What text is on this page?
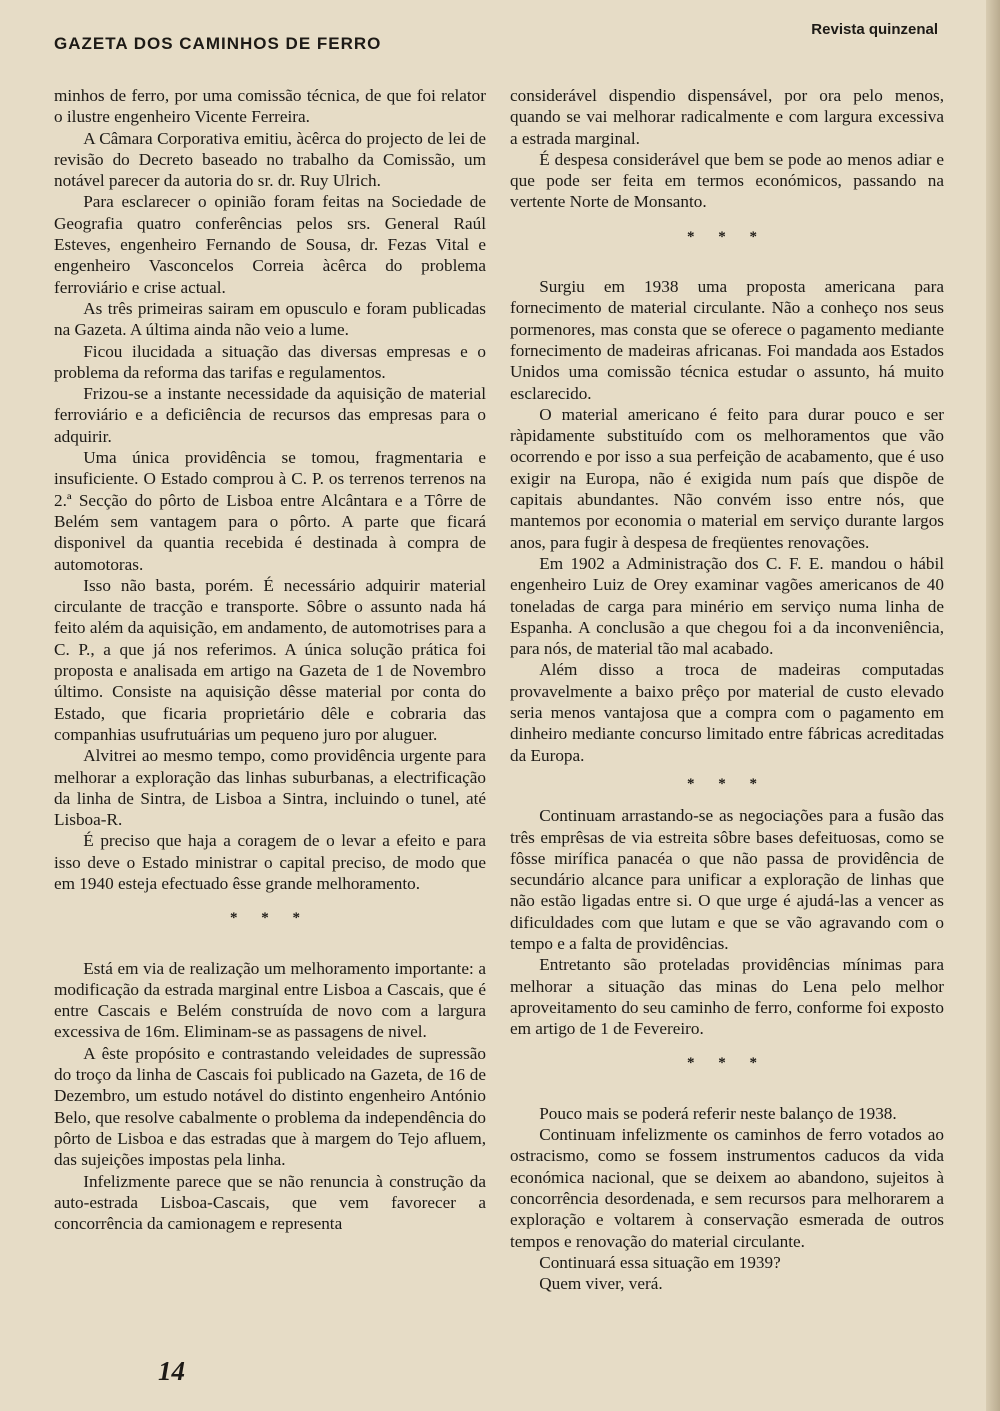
GAZETA DOS CAMINHOS DE FERRO
Revista quinzenal

minhos de ferro, por uma comissão técnica, de que foi relator o ilustre engenheiro Vicente Ferreira.

A Câmara Corporativa emitiu, àcêrca do projecto de lei de revisão do Decreto baseado no trabalho da Comissão, um notável parecer da autoria do sr. dr. Ruy Ulrich.

Para esclarecer o opinião foram feitas na Sociedade de Geografia quatro conferências pelos srs. General Raúl Esteves, engenheiro Fernando de Sousa, dr. Fezas Vital e engenheiro Vasconcelos Correia àcêrca do problema ferroviário e crise actual.

As três primeiras sairam em opusculo e foram publicadas na Gazeta. A última ainda não veio a lume.

Ficou ilucidada a situação das diversas empresas e o problema da reforma das tarifas e regulamentos.

Frizou-se a instante necessidade da aquisição de material ferroviário e a deficiência de recursos das empresas para o adquirir.

Uma única providência se tomou, fragmentaria e insuficiente. O Estado comprou à C. P. os terrenos terrenos na 2.ª Secção do pôrto de Lisboa entre Alcântara e a Tôrre de Belém sem vantagem para o pôrto. A parte que ficará disponivel da quantia recebida é destinada à compra de automotoras.

Isso não basta, porém. É necessário adquirir material circulante de tracção e transporte. Sôbre o assunto nada há feito além da aquisição, em andamento, de automotrises para a C. P., a que já nos referimos. A única solução prática foi proposta e analisada em artigo na Gazeta de 1 de Novembro último. Consiste na aquisição dêsse material por conta do Estado, que ficaria proprietário dêle e cobraria das companhias usufrutuárias um pequeno juro por aluguer.

Alvitrei ao mesmo tempo, como providência urgente para melhorar a exploração das linhas suburbanas, a electrificação da linha de Sintra, de Lisboa a Sintra, incluindo o tunel, até Lisboa-R.

É preciso que haja a coragem de o levar a efeito e para isso deve o Estado ministrar o capital preciso, de modo que em 1940 esteja efectuado êsse grande melhoramento.

* * *

Está em via de realização um melhoramento importante: a modificação da estrada marginal entre Lisboa a Cascais, que é entre Cascais e Belém construída de novo com a largura excessiva de 16m. Eliminam-se as passagens de nivel.

A êste propósito e contrastando veleidades de supressão do troço da linha de Cascais foi publicado na Gazeta, de 16 de Dezembro, um estudo notável do distinto engenheiro António Belo, que resolve cabalmente o problema da independência do pôrto de Lisboa e das estradas que à margem do Tejo afluem, das sujeições impostas pela linha.

Infelizmente parece que se não renuncia à construção da auto-estrada Lisboa-Cascais, que vem favorecer a concorrência da camionagem e representa

considerável dispendio dispensável, por ora pelo menos, quando se vai melhorar radicalmente e com largura excessiva a estrada marginal.

É despesa considerável que bem se pode ao menos adiar e que pode ser feita em termos económicos, passando na vertente Norte de Monsanto.

* * *

Surgiu em 1938 uma proposta americana para fornecimento de material circulante. Não a conheço nos seus pormenores, mas consta que se oferece o pagamento mediante fornecimento de madeiras africanas. Foi mandada aos Estados Unidos uma comissão técnica estudar o assunto, há muito esclarecido.

O material americano é feito para durar pouco e ser ràpidamente substituído com os melhoramentos que vão ocorrendo e por isso a sua perfeição de acabamento, que é uso exigir na Europa, não é exigida num país que dispõe de capitais abundantes. Não convém isso entre nós, que mantemos por economia o material em serviço durante largos anos, para fugir à despesa de freqüentes renovações.

Em 1902 a Administração dos C. F. E. mandou o hábil engenheiro Luiz de Orey examinar vagões americanos de 40 toneladas de carga para minério em serviço numa linha de Espanha. A conclusão a que chegou foi a da inconveniência, para nós, de material tão mal acabado.

Além disso a troca de madeiras computadas provavelmente a baixo prêço por material de custo elevado seria menos vantajosa que a compra com o pagamento em dinheiro mediante concurso limitado entre fábricas acreditadas da Europa.

* * *

Continuam arrastando-se as negociações para a fusão das três emprêsas de via estreita sôbre bases defeituosas, como se fôsse mirífica panacéa o que não passa de providência de secundário alcance para unificar a exploração de linhas que não estão ligadas entre si. O que urge é ajudá-las a vencer as dificuldades com que lutam e que se vão agravando com o tempo e a falta de providências.

Entretanto são proteladas providências mínimas para melhorar a situação das minas do Lena pelo melhor aproveitamento do seu caminho de ferro, conforme foi exposto em artigo de 1 de Fevereiro.

* * *

Pouco mais se poderá referir neste balanço de 1938.

Continuam infelizmente os caminhos de ferro votados ao ostracismo, como se fossem instrumentos caducos da vida económica nacional, que se deixem ao abandono, sujeitos à concorrência desordenada, e sem recursos para melhorarem a exploração e voltarem à conservação esmerada de outros tempos e renovação do material circulante.

Continuará essa situação em 1939?

Quem viver, verá.

14
